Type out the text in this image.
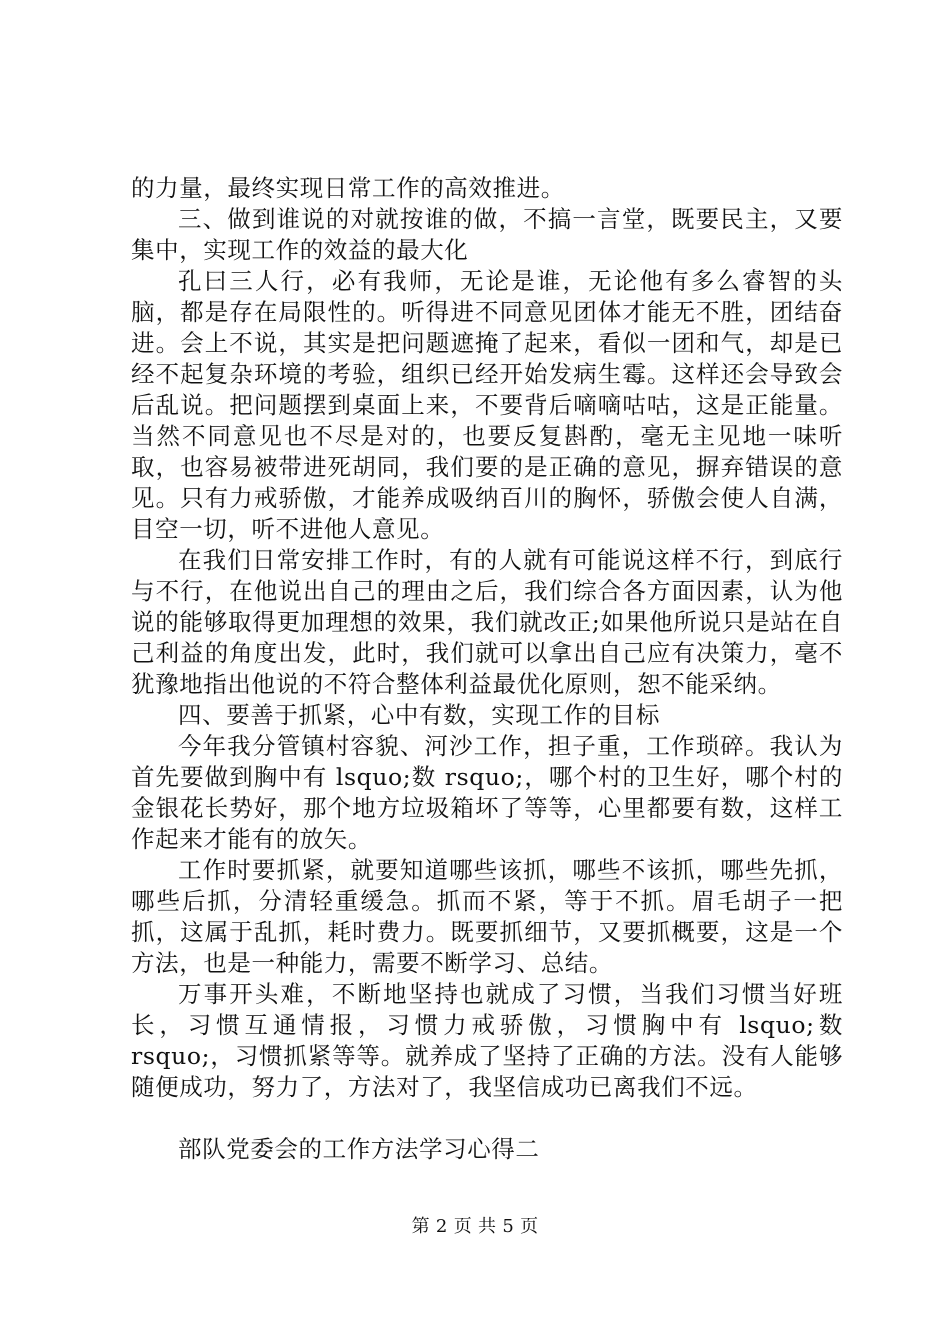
的力量，最终实现日常工作的高效推进。

三、做到谁说的对就按谁的做，不搞一言堂，既要民主，又要集中，实现工作的效益的最大化

孔曰三人行，必有我师，无论是谁，无论他有多么睿智的头脑，都是存在局限性的。听得进不同意见团体才能无不胜，团结奋进。会上不说，其实是把问题遮掩了起来，看似一团和气，却是已经不起复杂环境的考验，组织已经开始发病生霉。这样还会导致会后乱说。把问题摆到桌面上来，不要背后嘀嘀咕咕，这是正能量。当然不同意见也不尽是对的，也要反复斟酌，毫无主见地一味听取，也容易被带进死胡同，我们要的是正确的意见，摒弃错误的意见。只有力戒骄傲，才能养成吸纳百川的胸怀，骄傲会使人自满，目空一切，听不进他人意见。

在我们日常安排工作时，有的人就有可能说这样不行，到底行与不行，在他说出自己的理由之后，我们综合各方面因素，认为他说的能够取得更加理想的效果，我们就改正;如果他所说只是站在自己利益的角度出发，此时，我们就可以拿出自己应有决策力，毫不犹豫地指出他说的不符合整体利益最优化原则，恕不能采纳。

四、要善于抓紧，心中有数，实现工作的目标

今年我分管镇村容貌、河沙工作，担子重，工作琐碎。我认为首先要做到胸中有 lsquo;数 rsquo;，哪个村的卫生好，哪个村的金银花长势好，那个地方垃圾箱坏了等等，心里都要有数，这样工作起来才能有的放矢。

工作时要抓紧，就要知道哪些该抓，哪些不该抓，哪些先抓，哪些后抓，分清轻重缓急。抓而不紧，等于不抓。眉毛胡子一把抓，这属于乱抓，耗时费力。既要抓细节，又要抓概要，这是一个方法，也是一种能力，需要不断学习、总结。

万事开头难，不断地坚持也就成了习惯，当我们习惯当好班长，习惯互通情报，习惯力戒骄傲，习惯胸中有 lsquo;数 rsquo;，习惯抓紧等等。就养成了坚持了正确的方法。没有人能够随便成功，努力了，方法对了，我坚信成功已离我们不远。

部队党委会的工作方法学习心得二

第 2 页 共 5 页
